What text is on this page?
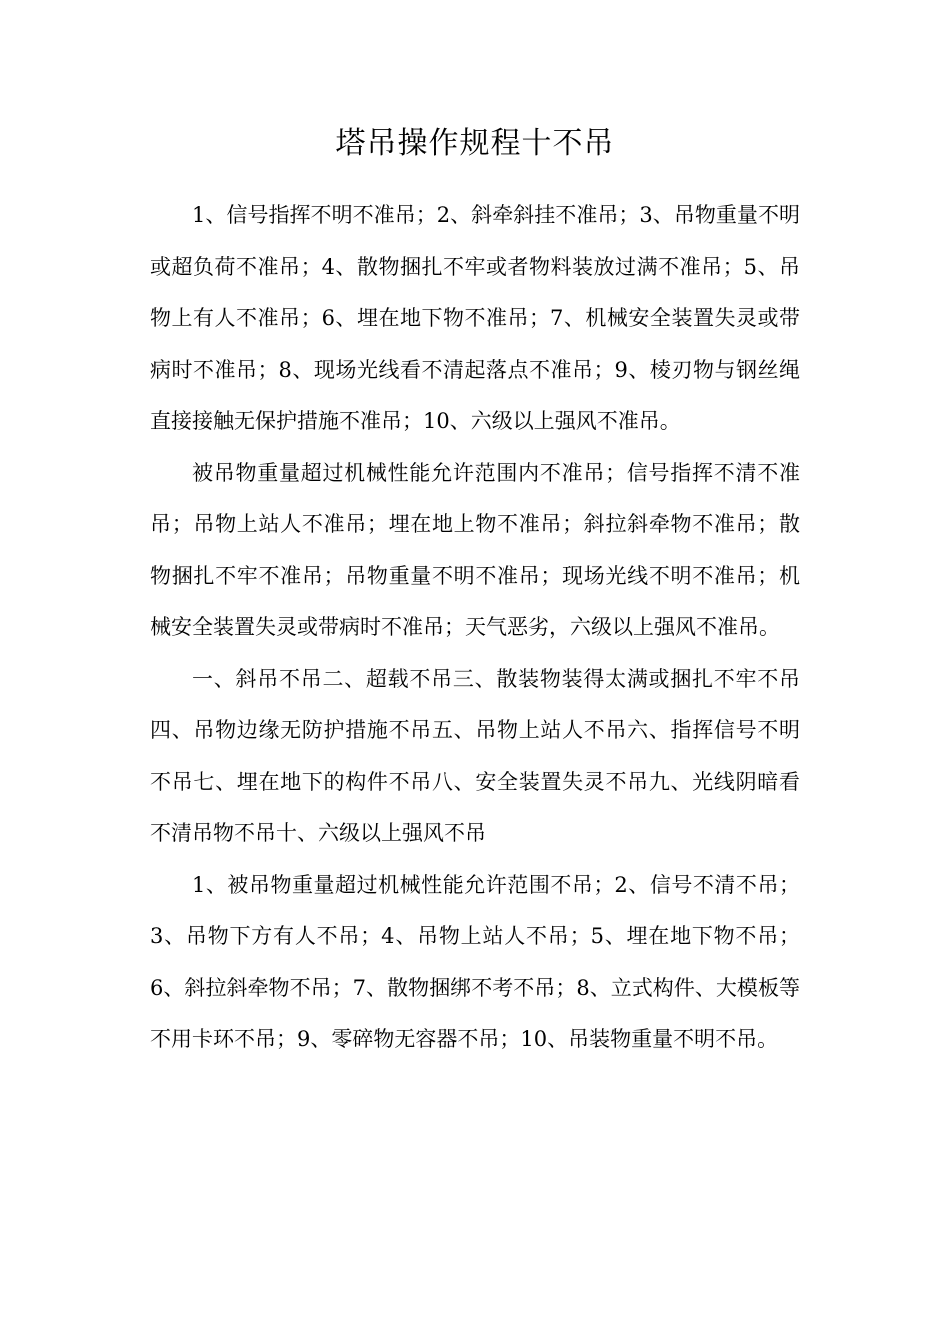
塔吊操作规程十不吊

1、信号指挥不明不准吊；2、斜牵斜挂不准吊；3、吊物重量不明或超负荷不准吊；4、散物捆扎不牢或者物料装放过满不准吊；5、吊物上有人不准吊；6、埋在地下物不准吊；7、机械安全装置失灵或带病时不准吊；8、现场光线看不清起落点不准吊；9、棱刃物与钢丝绳直接接触无保护措施不准吊；10、六级以上强风不准吊。

被吊物重量超过机械性能允许范围内不准吊；信号指挥不清不准吊；吊物上站人不准吊；埋在地上物不准吊；斜拉斜牵物不准吊；散物捆扎不牢不准吊；吊物重量不明不准吊；现场光线不明不准吊；机械安全装置失灵或带病时不准吊；天气恶劣，六级以上强风不准吊。

一、斜吊不吊二、超载不吊三、散装物装得太满或捆扎不牢不吊四、吊物边缘无防护措施不吊五、吊物上站人不吊六、指挥信号不明不吊七、埋在地下的构件不吊八、安全装置失灵不吊九、光线阴暗看不清吊物不吊十、六级以上强风不吊

1、被吊物重量超过机械性能允许范围不吊；2、信号不清不吊；3、吊物下方有人不吊；4、吊物上站人不吊；5、埋在地下物不吊；6、斜拉斜牵物不吊；7、散物捆绑不考不吊；8、立式构件、大模板等不用卡环不吊；9、零碎物无容器不吊；10、吊装物重量不明不吊。
